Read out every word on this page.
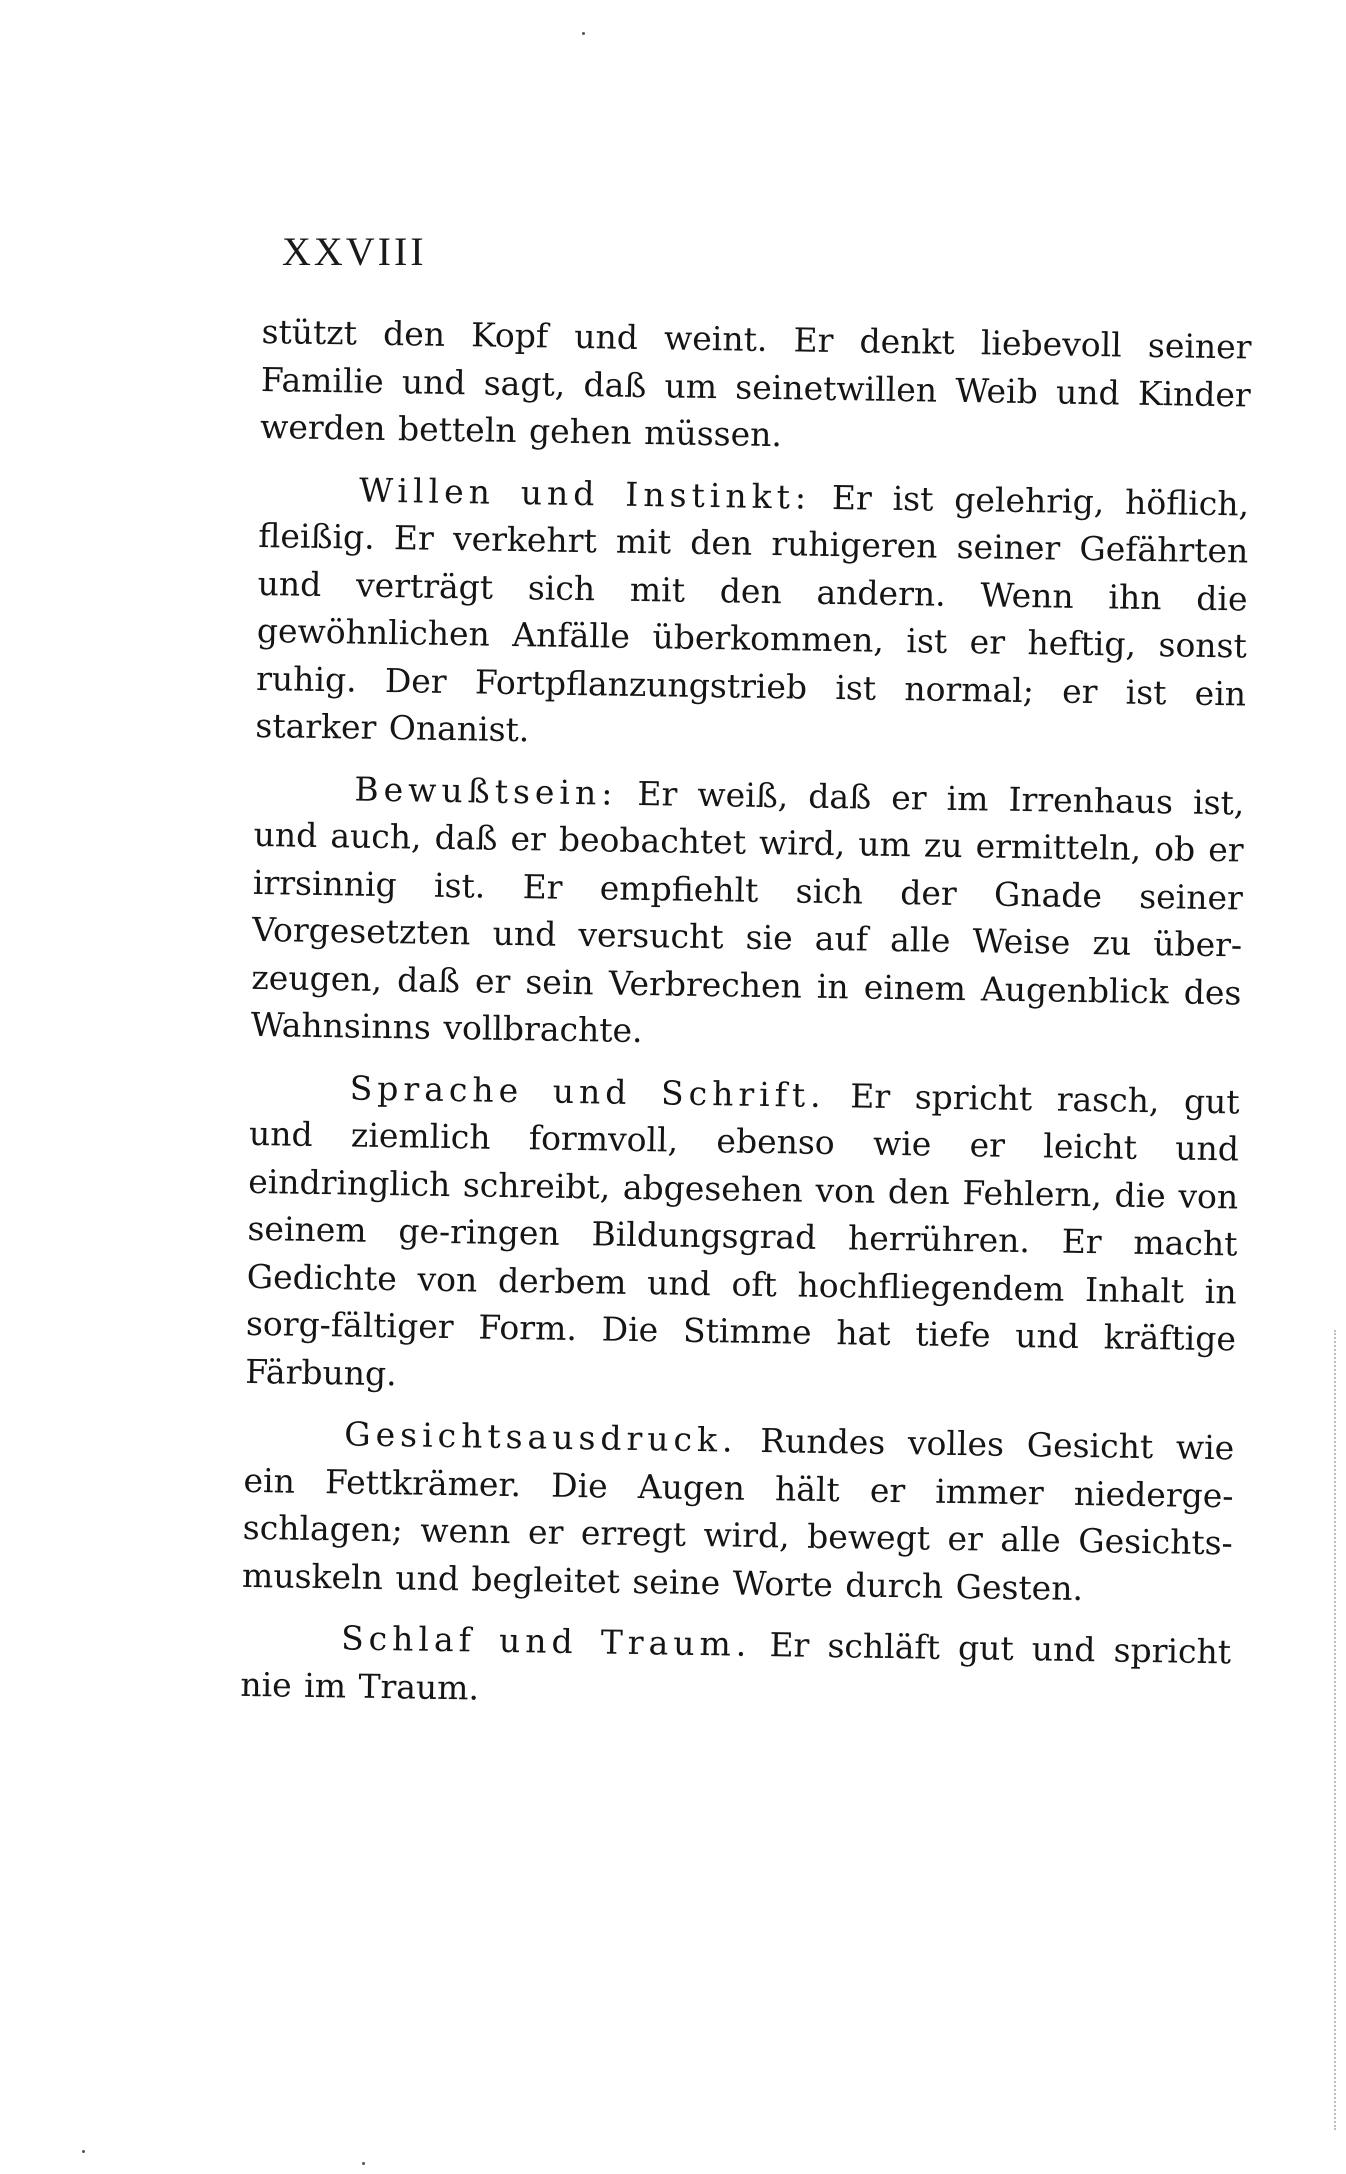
XXVIII

stützt den Kopf und weint. Er denkt liebevoll seiner Familie und sagt, daß um seinetwillen Weib und Kinder werden betteln gehen müssen.

Willen und Instinkt: Er ist gelehrig, höflich, fleißig. Er verkehrt mit den ruhigeren seiner Gefährten und verträgt sich mit den andern. Wenn ihn die gewöhnlichen Anfälle überkommen, ist er heftig, sonst ruhig. Der Fortpflanzungstrieb ist normal; er ist ein starker Onanist.

Bewußtsein: Er weiß, daß er im Irrenhaus ist, und auch, daß er beobachtet wird, um zu ermitteln, ob er irrsinnig ist. Er empfiehlt sich der Gnade seiner Vorgesetzten und versucht sie auf alle Weise zu über-zeugen, daß er sein Verbrechen in einem Augenblick des Wahnsinns vollbrachte.

Sprache und Schrift. Er spricht rasch, gut und ziemlich formvoll, ebenso wie er leicht und eindringlich schreibt, abgesehen von den Fehlern, die von seinem ge-ringen Bildungsgrad herrühren. Er macht Gedichte von derbem und oft hochfliegendem Inhalt in sorg-fältiger Form. Die Stimme hat tiefe und kräftige Färbung.

Gesichtsausdruck. Rundes volles Gesicht wie ein Fettkrämer. Die Augen hält er immer niederge-schlagen; wenn er erregt wird, bewegt er alle Gesichts-muskeln und begleitet seine Worte durch Gesten.

Schlaf und Traum. Er schläft gut und spricht nie im Traum.
